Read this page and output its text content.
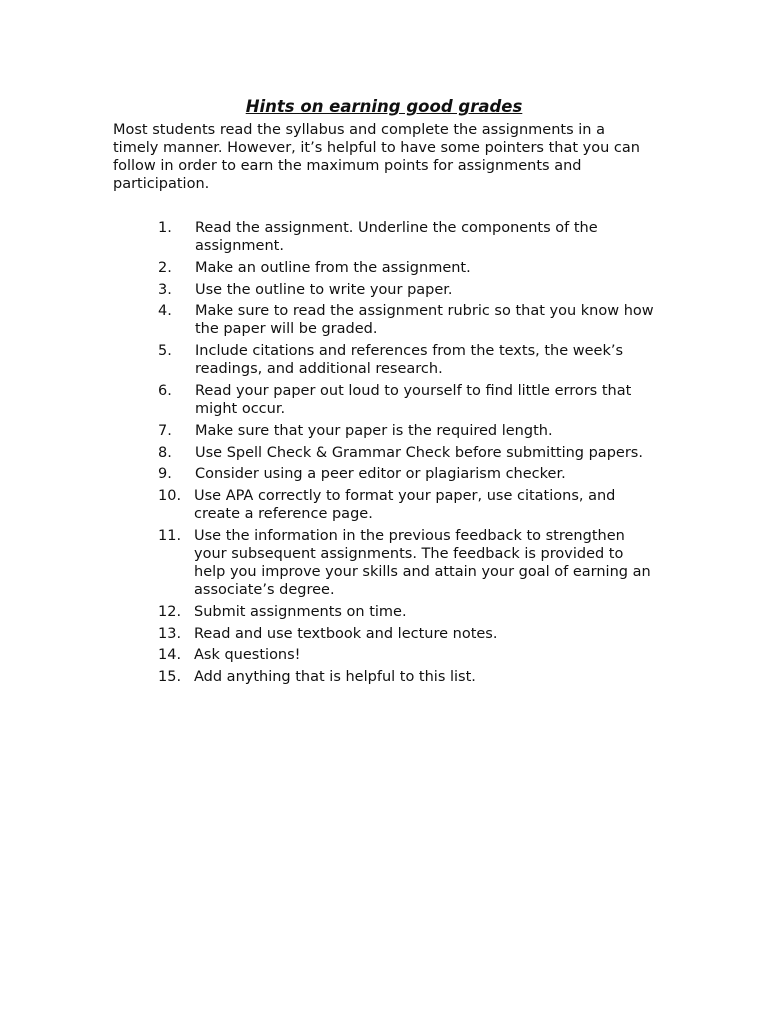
Hints on earning good grades
Most students read the syllabus and complete the assignments in a timely manner. However, it’s helpful to have some pointers that you can follow in order to earn the maximum points for assignments and participation.
1.	Read the assignment. Underline the components of the assignment.
2.	Make an outline from the assignment.
3.	Use the outline to write your paper.
4.	Make sure to read the assignment rubric so that you know how the paper will be graded.
5.	Include citations and references from the texts, the week’s readings, and additional research.
6.	Read your paper out loud to yourself to find little errors that might occur.
7.	Make sure that your paper is the required length.
8.	Use Spell Check & Grammar Check before submitting papers.
9.	Consider using a peer editor or plagiarism checker.
10. Use APA correctly to format your paper, use citations, and create a reference page.
11. Use the information in the previous feedback to strengthen your subsequent assignments. The feedback is provided to help you improve your skills and attain your goal of earning an associate’s degree.
12. Submit assignments on time.
13. Read and use textbook and lecture notes.
14. Ask questions!
15. Add anything that is helpful to this list.
